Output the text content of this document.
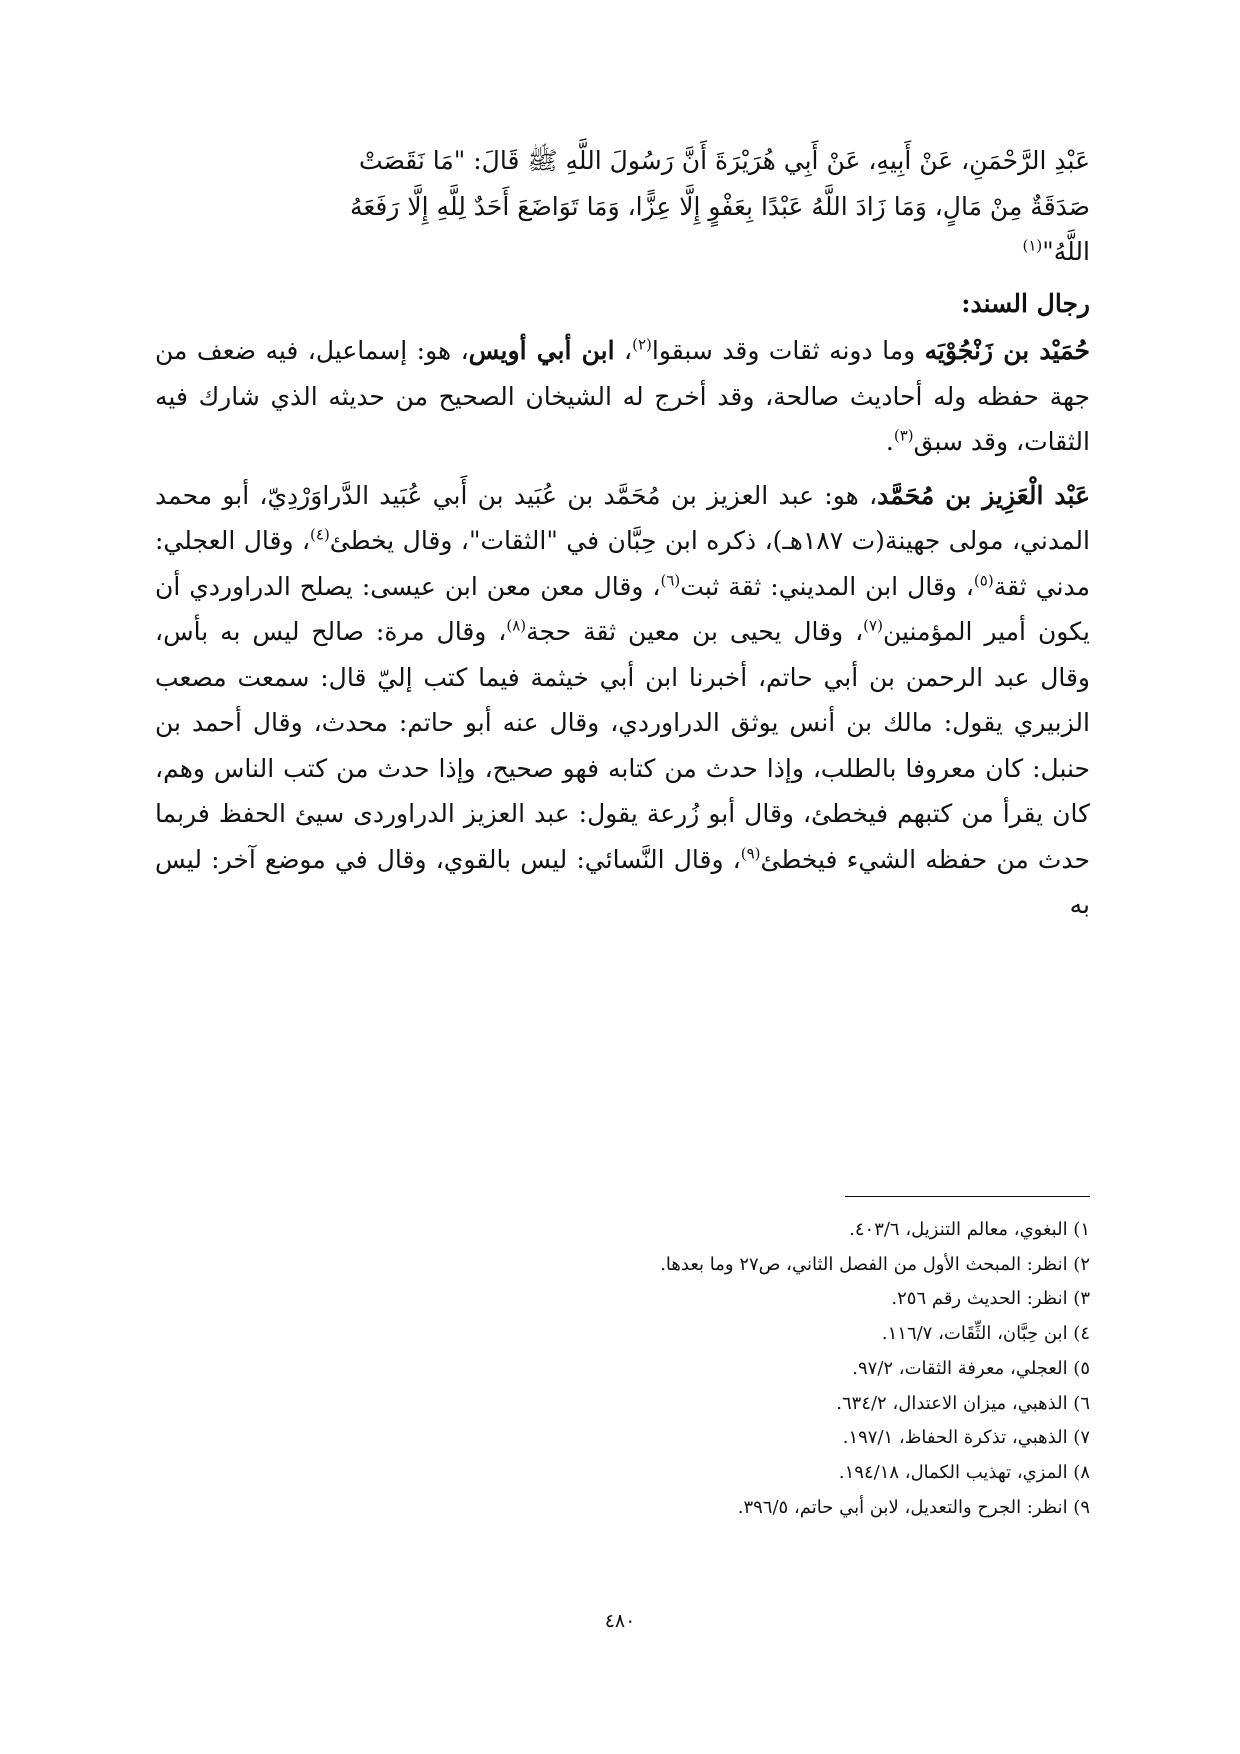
عَبْدِ الرَّحْمَنِ، عَنْ أَبِيهِ، عَنْ أَبِي هُرَيْرَةَ أَنَّ رَسُولَ اللَّهِ ﷺ قَالَ: "مَا نَقَصَتْ
صَدَقَةٌ مِنْ مَالٍ، وَمَا زَادَ اللَّهُ عَبْدًا بِعَفْوٍ إِلَّا عِزًّا، وَمَا تَوَاضَعَ أَحَدٌ لِلَّهِ إِلَّا رَفَعَهُ
اللَّهُ"$^{(١)}$

رجال السند:

حُمَيْد بن زَنْجُوْيَه وما دونه ثقات وقد سبقوا$^{(٢)}$، ابن أبي أويس، هو: إسماعيل، فيه ضعف من جهة حفظه وله أحاديث صالحة، وقد أخرج له الشيخان الصحيح من حديثه الذي شارك فيه الثقات، وقد سبق$^{(٣)}$.

عَبْد الْعَزِيز بن مُحَمَّد، هو: عبد العزيز بن مُحَمَّد بن عُبَيد بن أَبي عُبَيد الدَّراوَرْدِيّ، أبو محمد المدني، مولى جهينة(ت ١٨٧هـ)، ذكره ابن حِبَّان في "الثقات"، وقال يخطئ$^{(٤)}$، وقال العجلي: مدني ثقة$^{(٥)}$، وقال ابن المديني: ثقة ثبت$^{(٦)}$، وقال معن معن ابن عيسى: يصلح الدراوردي أن يكون أمير المؤمنين$^{(٧)}$، وقال يحيى بن معين ثقة حجة$^{(٨)}$، وقال مرة: صالح ليس به بأس، وقال عبد الرحمن بن أبي حاتم، أخبرنا ابن أبي خيثمة فيما كتب إليّ قال: سمعت مصعب الزبيري يقول: مالك بن أنس يوثق الدراوردي، وقال عنه أبو حاتم: محدث، وقال أحمد بن حنبل: كان معروفا بالطلب، وإذا حدث من كتابه فهو صحيح، وإذا حدث من كتب الناس وهم، كان يقرأ من كتبهم فيخطئ، وقال أبو زُرعة يقول: عبد العزيز الدراوردى سيئ الحفظ فربما حدث من حفظه الشيء فيخطئ$^{(٩)}$، وقال النَّسائي: ليس بالقوي، وقال في موضع آخر: ليس به

١) البغوي، معالم التنزيل، ٤٠٣/٦.
٢) انظر: المبحث الأول من الفصل الثاني، ص٢٧ وما بعدها.
٣) انظر: الحديث رقم ٢٥٦.
٤) ابن حِبَّان، الثِّقَات، ١١٦/٧.
٥) العجلي، معرفة الثقات، ٩٧/٢.
٦) الذهبي، ميزان الاعتدال، ٦٣٤/٢.
٧) الذهبي، تذكرة الحفاظ، ١٩٧/١.
٨) المزي، تهذيب الكمال، ١٩٤/١٨.
٩) انظر: الجرح والتعديل، لابن أبي حاتم، ٣٩٦/٥.
٤٨٠
